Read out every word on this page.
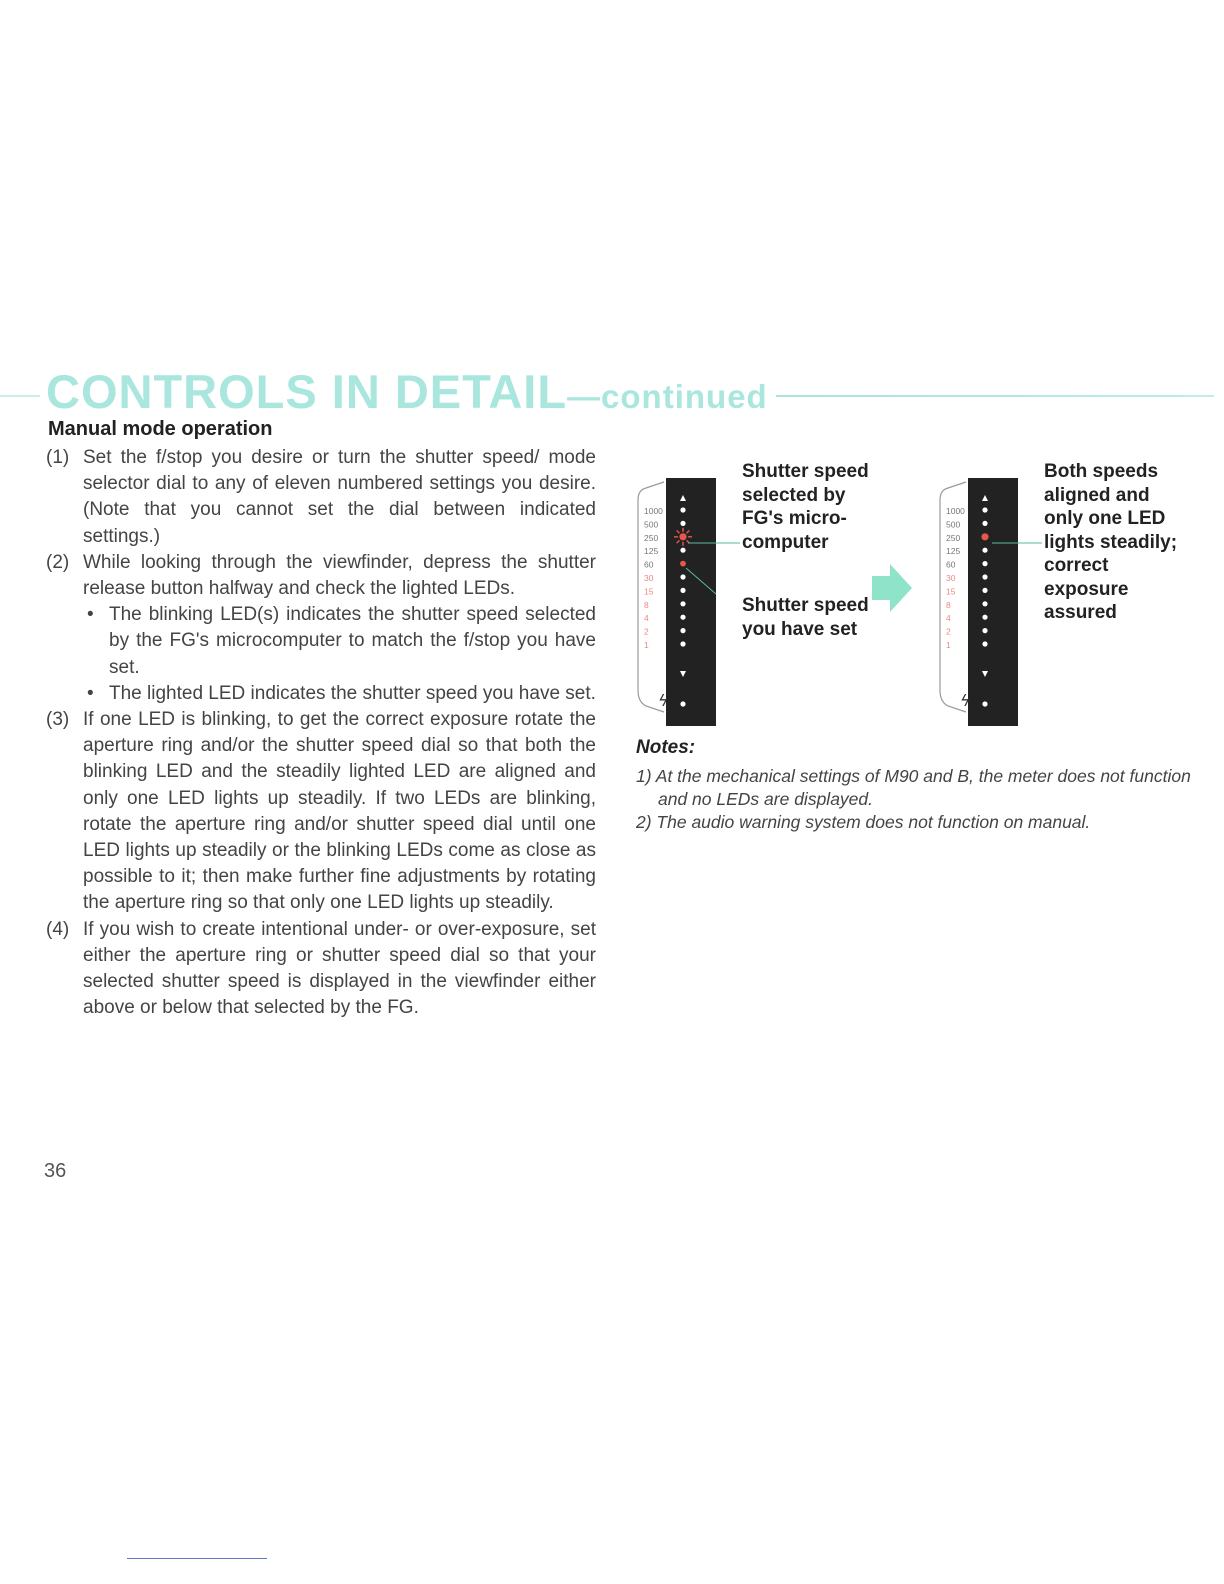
CONTROLS IN DETAIL—continued
Manual mode operation
(1) Set the f/stop you desire or turn the shutter speed/ mode selector dial to any of eleven numbered settings you desire. (Note that you cannot set the dial between indicated settings.)
(2) While looking through the viewfinder, depress the shutter release button halfway and check the lighted LEDs.
• The blinking LED(s) indicates the shutter speed selected by the FG's microcomputer to match the f/stop you have set.
• The lighted LED indicates the shutter speed you have set.
(3) If one LED is blinking, to get the correct exposure rotate the aperture ring and/or the shutter speed dial so that both the blinking LED and the steadily lighted LED are aligned and only one LED lights up steadily. If two LEDs are blinking, rotate the aperture ring and/or shutter speed dial until one LED lights up steadily or the blinking LEDs come as close as possible to it; then make further fine adjustments by rotating the aperture ring so that only one LED lights up steadily.
(4) If you wish to create intentional under- or over-exposure, set either the aperture ring or shutter speed dial so that your selected shutter speed is displayed in the viewfinder either above or below that selected by the FG.
36
1000
500
250
125
60
30
15
8
4
2
1
ϟ
1000
500
250
125
60
30
15
8
4
2
1
ϟ
Shutter speed
selected by
FG's micro-
computer
Shutter speed
you have set
Both speeds
aligned and
only one LED
lights steadily;
correct
exposure
assured
Notes:
1) At the mechanical settings of M90 and B, the meter does not function and no LEDs are displayed.
2) The audio warning system does not function on manual.
